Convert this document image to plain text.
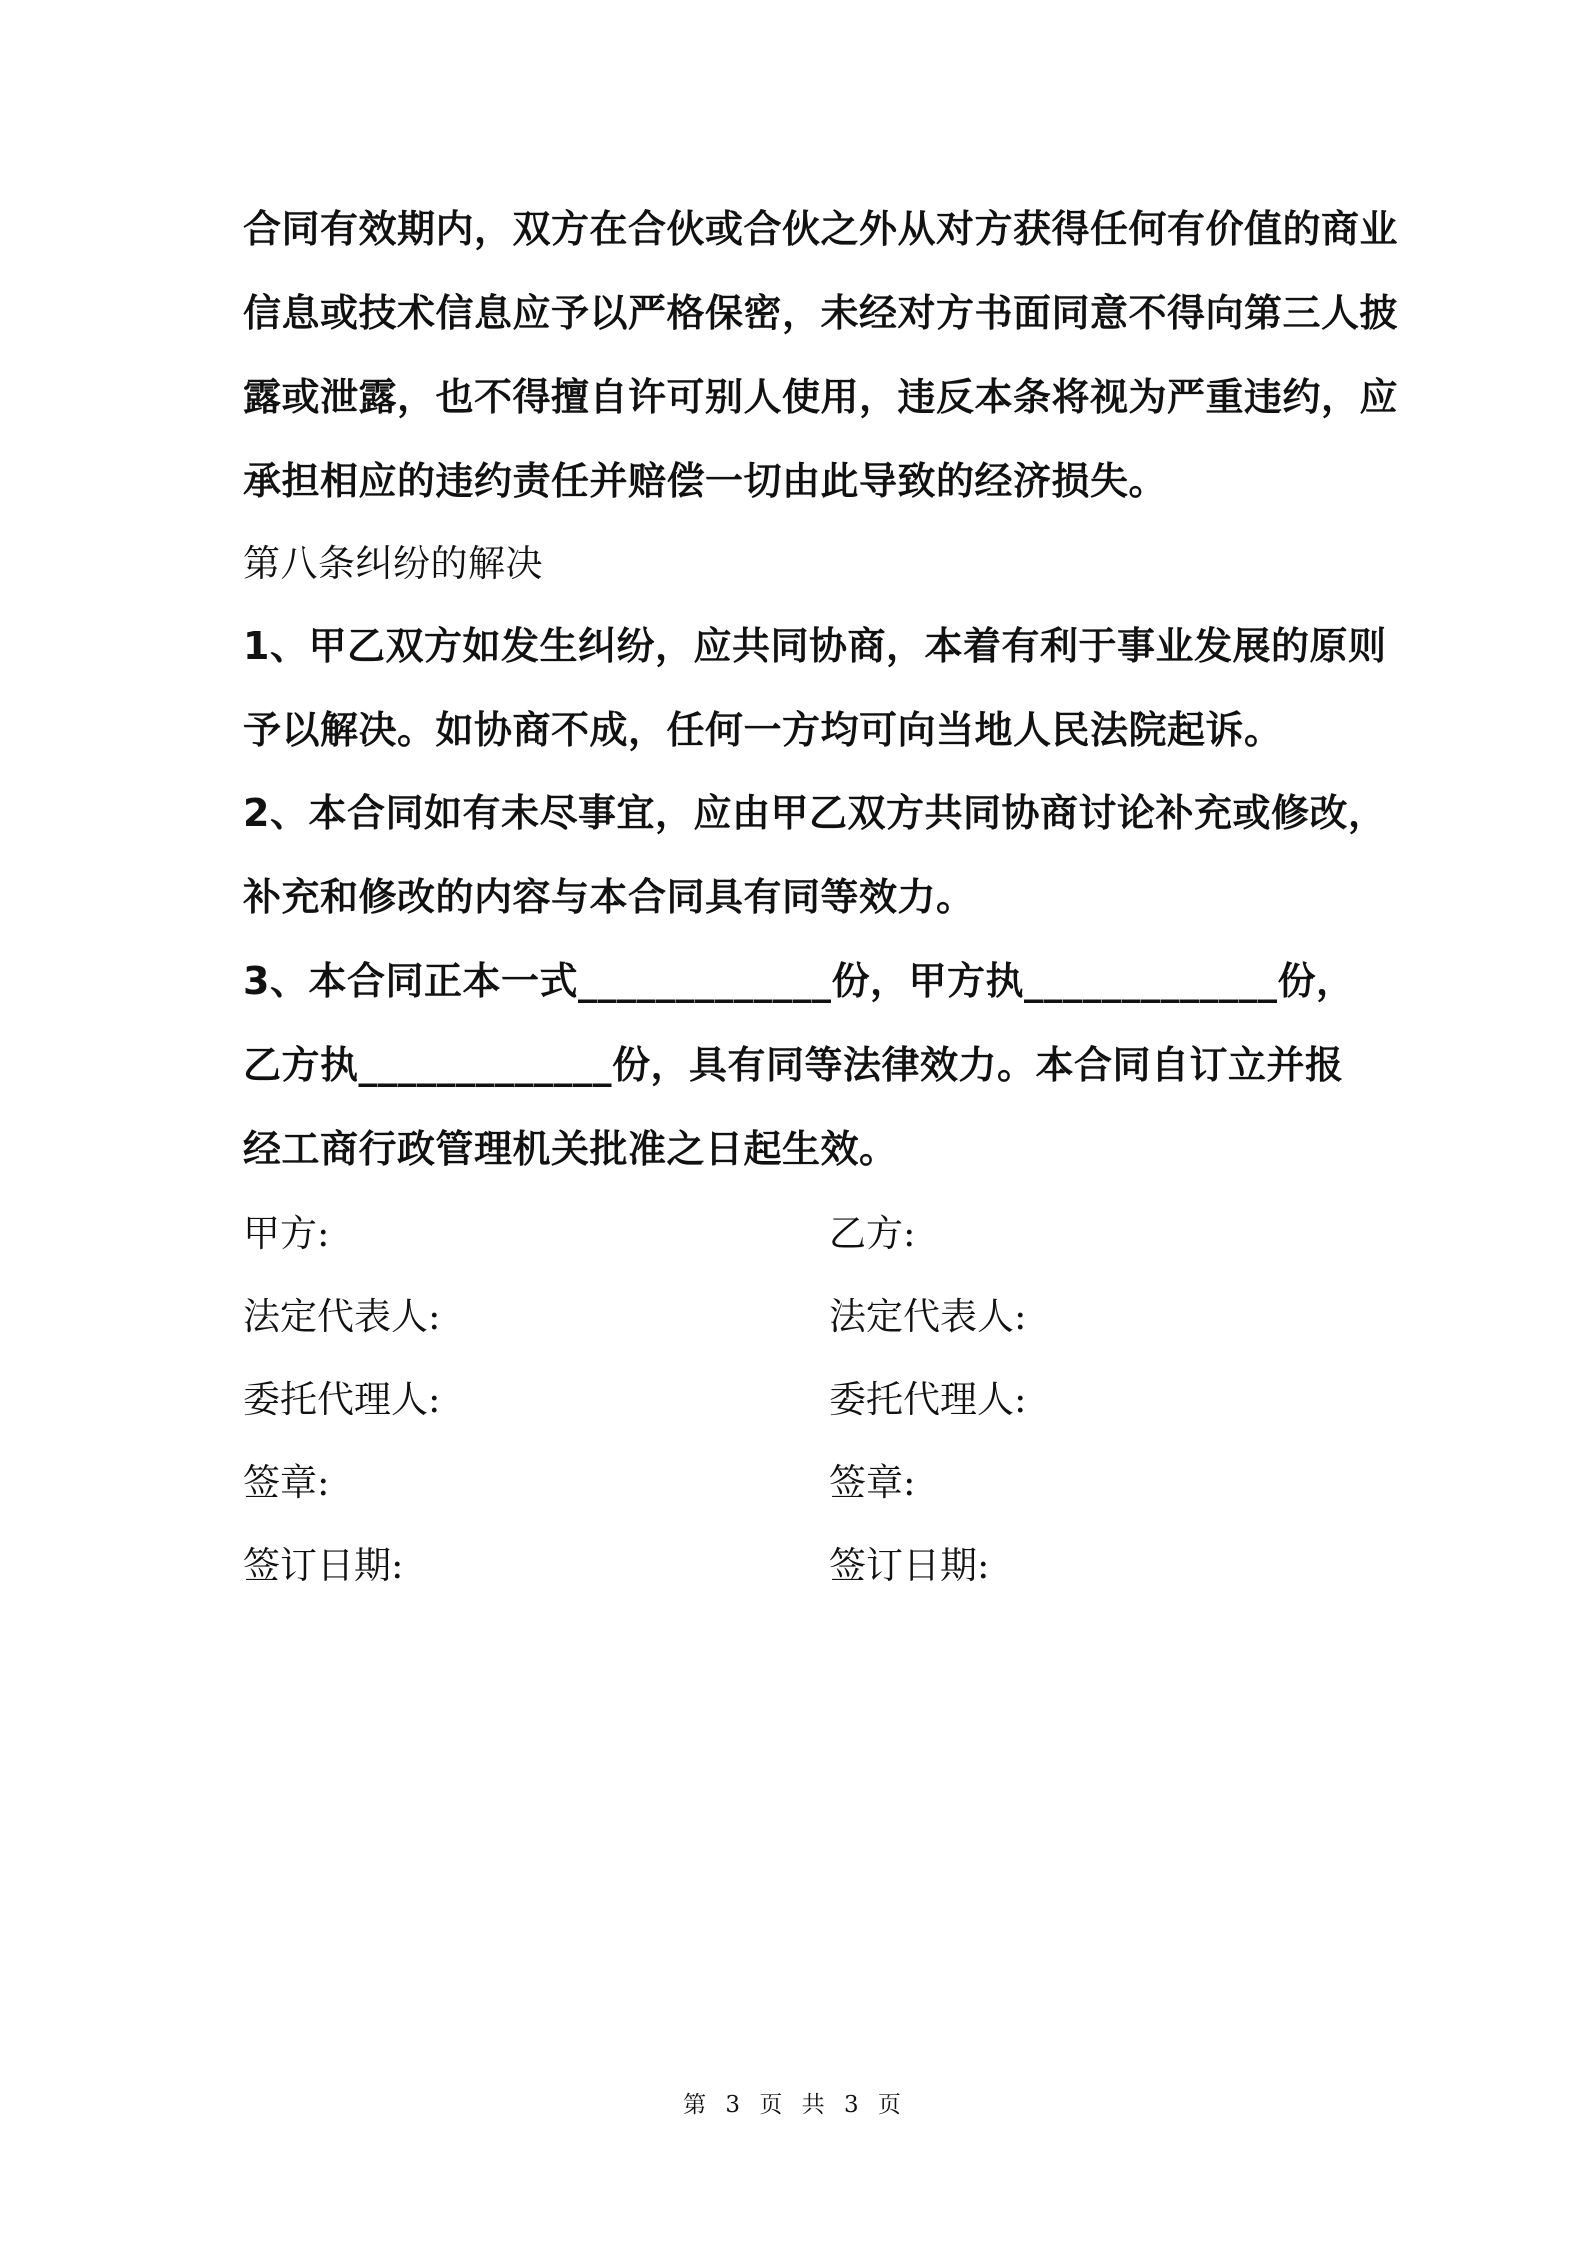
合同有效期内，双方在合伙或合伙之外从对方获得任何有价值的商业
信息或技术信息应予以严格保密，未经对方书面同意不得向第三人披
露或泄露，也不得擅自许可别人使用，违反本条将视为严重违约，应
承担相应的违约责任并赔偿一切由此导致的经济损失。
第八条纠纷的解决
1、甲乙双方如发生纠纷，应共同协商，本着有利于事业发展的原则
予以解决。如协商不成，任何一方均可向当地人民法院起诉。
2、本合同如有未尽事宜，应由甲乙双方共同协商讨论补充或修改，
补充和修改的内容与本合同具有同等效力。
3、本合同正本一式_____________份，甲方执_____________份，
乙方执_____________份，具有同等法律效力。本合同自订立并报
经工商行政管理机关批准之日起生效。
甲方:	乙方:
法定代表人:	法定代表人:
委托代理人:	委托代理人:
签章:	签章:
签订日期:	签订日期:
第 3 页 共 3 页
